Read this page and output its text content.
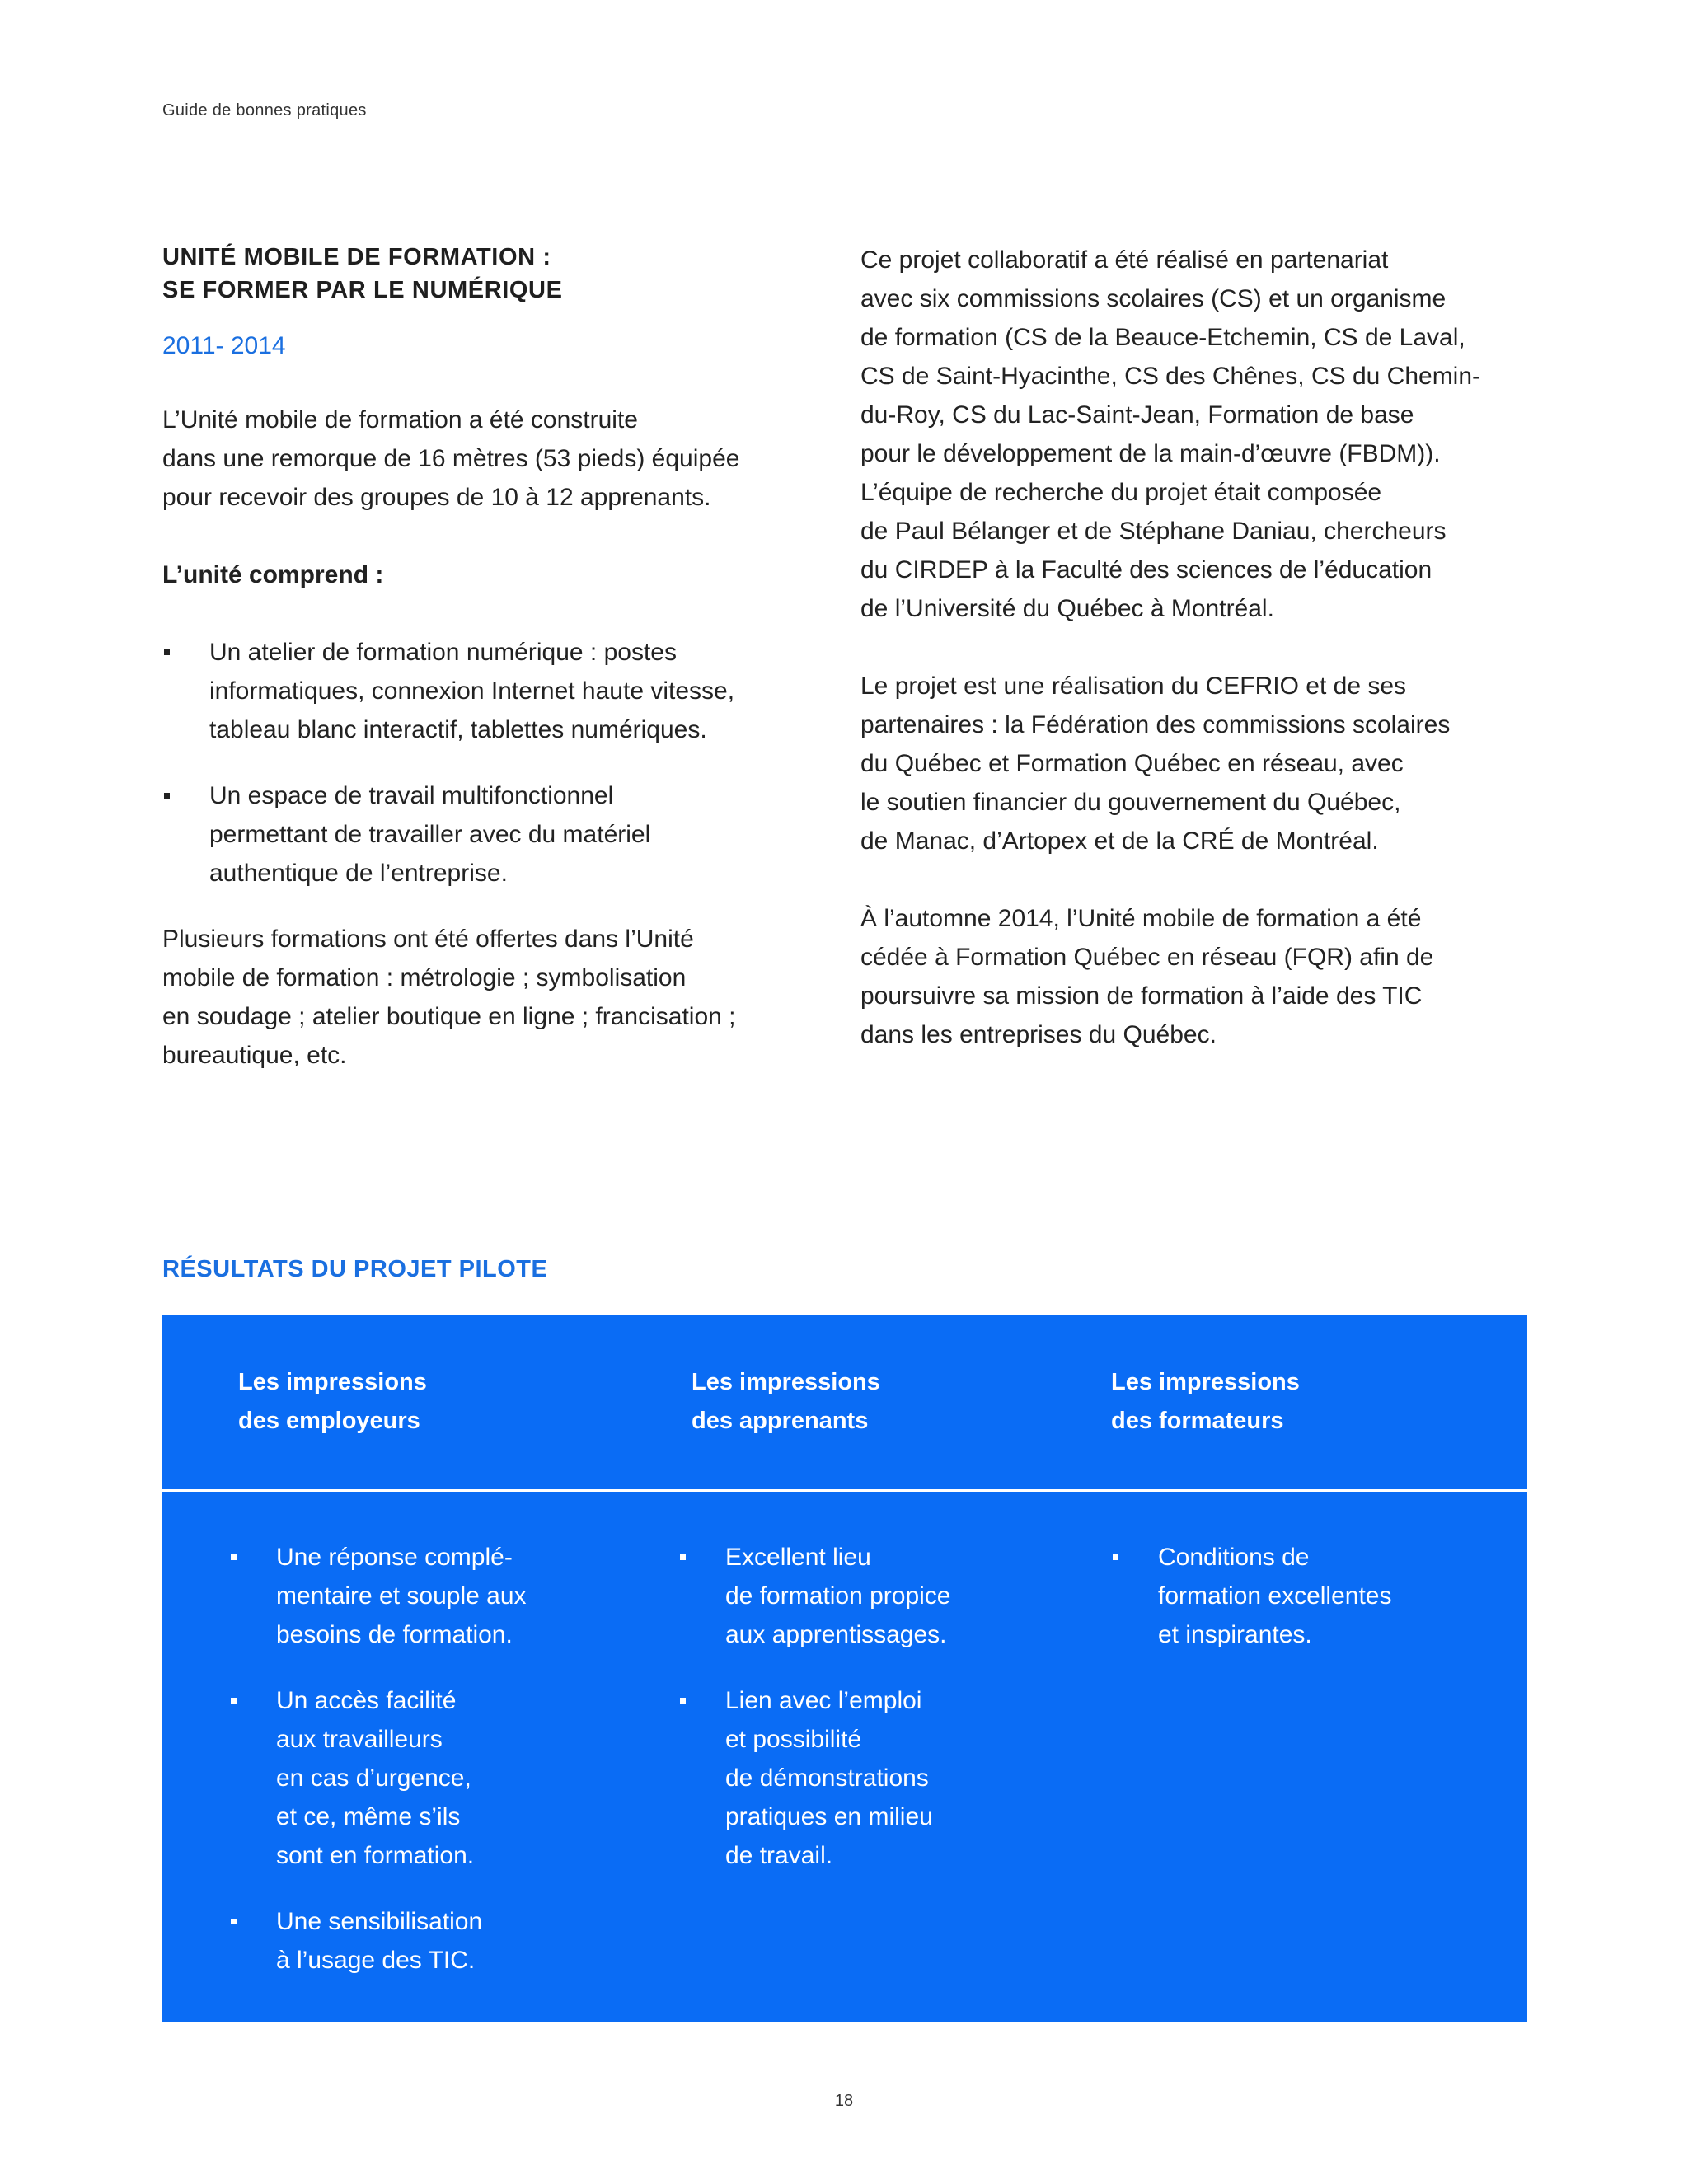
Guide de bonnes pratiques
UNITÉ MOBILE DE FORMATION :
SE FORMER PAR LE NUMÉRIQUE
2011- 2014

L’Unité mobile de formation a été construite
dans une remorque de 16 mètres (53 pieds) équipée
pour recevoir des groupes de 10 à 12 apprenants.

L’unité comprend :

Un atelier de formation numérique : postes
informatiques, connexion Internet haute vitesse,
tableau blanc interactif, tablettes numériques.
Un espace de travail multifonctionnel
permettant de travailler avec du matériel
authentique de l’entreprise.

Plusieurs formations ont été offertes dans l’Unité
mobile de formation : métrologie ; symbolisation
en soudage ; atelier boutique en ligne ; francisation ;
bureautique, etc.

Ce projet collaboratif a été réalisé en partenariat
avec six commissions scolaires (CS) et un organisme
de formation (CS de la Beauce-Etchemin, CS de Laval,
CS de Saint-Hyacinthe, CS des Chênes, CS du Chemin-
du-Roy, CS du Lac-Saint-Jean, Formation de base
pour le développement de la main-d’œuvre (FBDM)).
L’équipe de recherche du projet était composée
de Paul Bélanger et de Stéphane Daniau, chercheurs
du CIRDEP à la Faculté des sciences de l’éducation
de l’Université du Québec à Montréal.

Le projet est une réalisation du CEFRIO et de ses
partenaires : la Fédération des commissions scolaires
du Québec et Formation Québec en réseau, avec
le soutien financier du gouvernement du Québec,
de Manac, d’Artopex et de la CRÉ de Montréal.

À l’automne 2014, l’Unité mobile de formation a été
cédée à Formation Québec en réseau (FQR) afin de
poursuivre sa mission de formation à l’aide des TIC
dans les entreprises du Québec.

RÉSULTATS DU PROJET PILOTE
Les impressions
des employeurs
Les impressions
des apprenants
Les impressions
des formateurs
Une réponse complé-
mentaire et souple aux
besoins de formation.
Un accès facilité
aux travailleurs
en cas d’urgence,
et ce, même s’ils
sont en formation.
Une sensibilisation
à l’usage des TIC.
Excellent lieu
de formation propice
aux apprentissages.
Lien avec l’emploi
et possibilité
de démonstrations
pratiques en milieu
de travail.
Conditions de
formation excellentes
et inspirantes.
18
